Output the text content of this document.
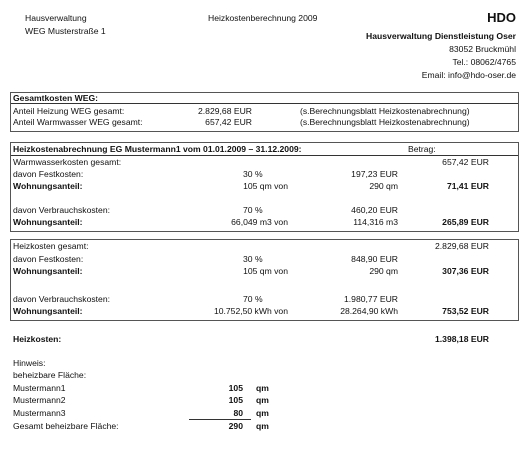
Hausverwaltung
WEG Musterstraße 1
Heizkostenberechnung 2009	HDO
Hausverwaltung Dienstleistung Oser
83052 Bruckmühl
Tel.: 08062/4765
Email: info@hdo-oser.de
Gesamtkosten WEG:
Anteil Heizung WEG gesamt:	2.829,68 EUR	(s.Berechnungsblatt Heizkostenabrechnung)
Anteil Warmwasser WEG gesamt:	657,42 EUR	(s.Berechnungsblatt Heizkostenabrechnung)
Heizkostenabrechnung EG Mustermann1 vom 01.01.2009 – 31.12.2009:	Betrag:
Warmwasserkosten gesamt:	657,42 EUR
davon Festkosten:	30 %	197,23 EUR
Wohnungsanteil:	105 qm von	290 qm	71,41 EUR
davon Verbrauchskosten:	70 %	460,20 EUR
Wohnungsanteil:	66,049 m3 von	114,316 m3	265,89 EUR
Heizkosten gesamt:	2.829,68 EUR
davon Festkosten:	30 %	848,90 EUR
Wohnungsanteil:	105 qm von	290 qm	307,36 EUR
davon Verbrauchskosten:	70 %	1.980,77 EUR
Wohnungsanteil:	10.752,50 kWh von	28.264,90 kWh	753,52 EUR
Heizkosten:	1.398,18 EUR
Hinweis:
beheizbare Fläche:
Mustermann1	105 qm
Mustermann2	105 qm
Mustermann3	80 qm
Gesamt beheizbare Fläche:	290 qm
